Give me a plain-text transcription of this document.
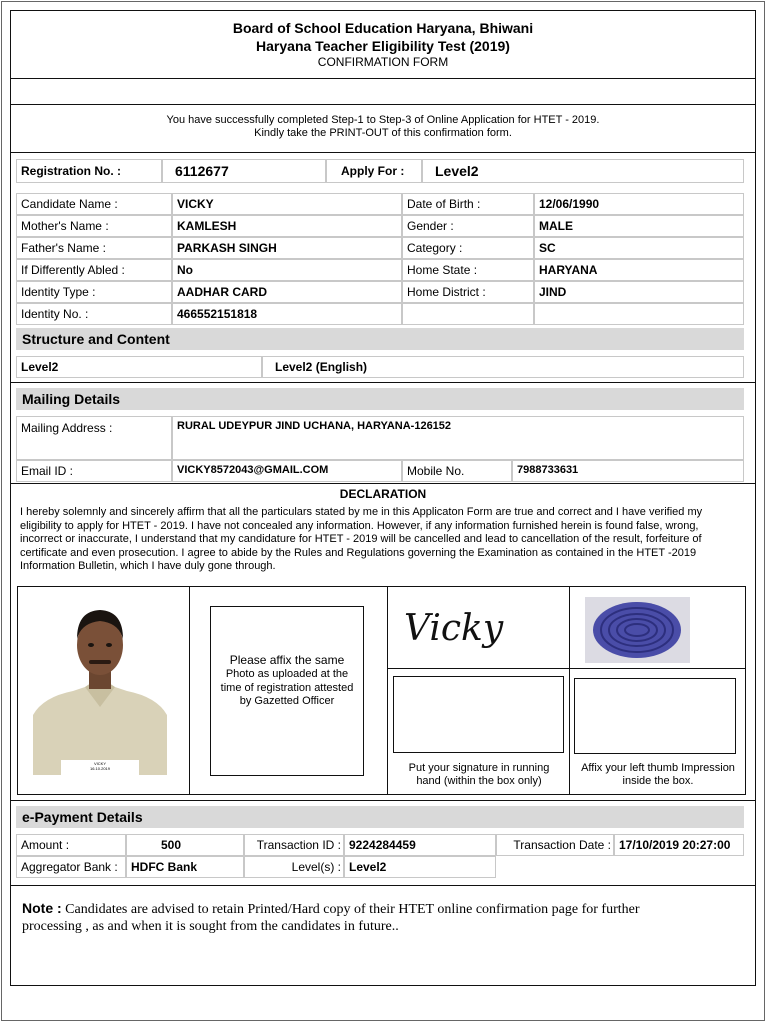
Board of School Education Haryana, Bhiwani
Haryana Teacher Eligibility Test (2019)
CONFIRMATION FORM
You have successfully completed Step-1 to Step-3 of Online Application for HTET - 2019.
Kindly take the PRINT-OUT of this confirmation form.
Registration No. :	6112677	Apply For :	Level2
Candidate Name :	VICKY	Date of Birth :	12/06/1990
Mother's Name :	KAMLESH	Gender :	MALE
Father's Name :	PARKASH SINGH	Category :	SC
If Differently Abled :	No	Home State :	HARYANA
Identity Type :	AADHAR CARD	Home District :	JIND
Identity No. :	466552151818
Structure and Content
Level2	Level2 (English)
Mailing Details
Mailing Address :	RURAL UDEYPUR JIND UCHANA, HARYANA-126152
Email ID :	VICKY8572043@GMAIL.COM	Mobile No.	7988733631
DECLARATION
I hereby solemnly and sincerely affirm that all the particulars stated by me in this Applicaton Form are true and correct and I have verified my
eligibility to apply for HTET - 2019. I have not concealed any information. However, if any information furnished herein is found false, wrong,
incorrect or inaccurate, I understand that my candidature for HTET - 2019 will be cancelled and lead to cancellation of the result, forfeiture of
certificate and even prosecution. I agree to abide by the Rules and Regulations governing the Examination as contained in the HTET -2019
Information Bulletin, which I have duly gone through.
VICKY
16.10.2019
Please affix the same
Photo as uploaded at the
time of registration attested
by Gazetted Officer
Vicky
Put your signature in running
hand (within the box only)
Affix your left thumb Impression
inside the box.
e-Payment Details
Amount :	500	Transaction ID : 9224284459	Transaction Date : 17/10/2019 20:27:00
Aggregator Bank :	HDFC Bank	Level(s) : Level2
Note : Candidates are advised to retain Printed/Hard copy of their HTET online confirmation page for further
processing , as and when it is sought from the candidates in future..
